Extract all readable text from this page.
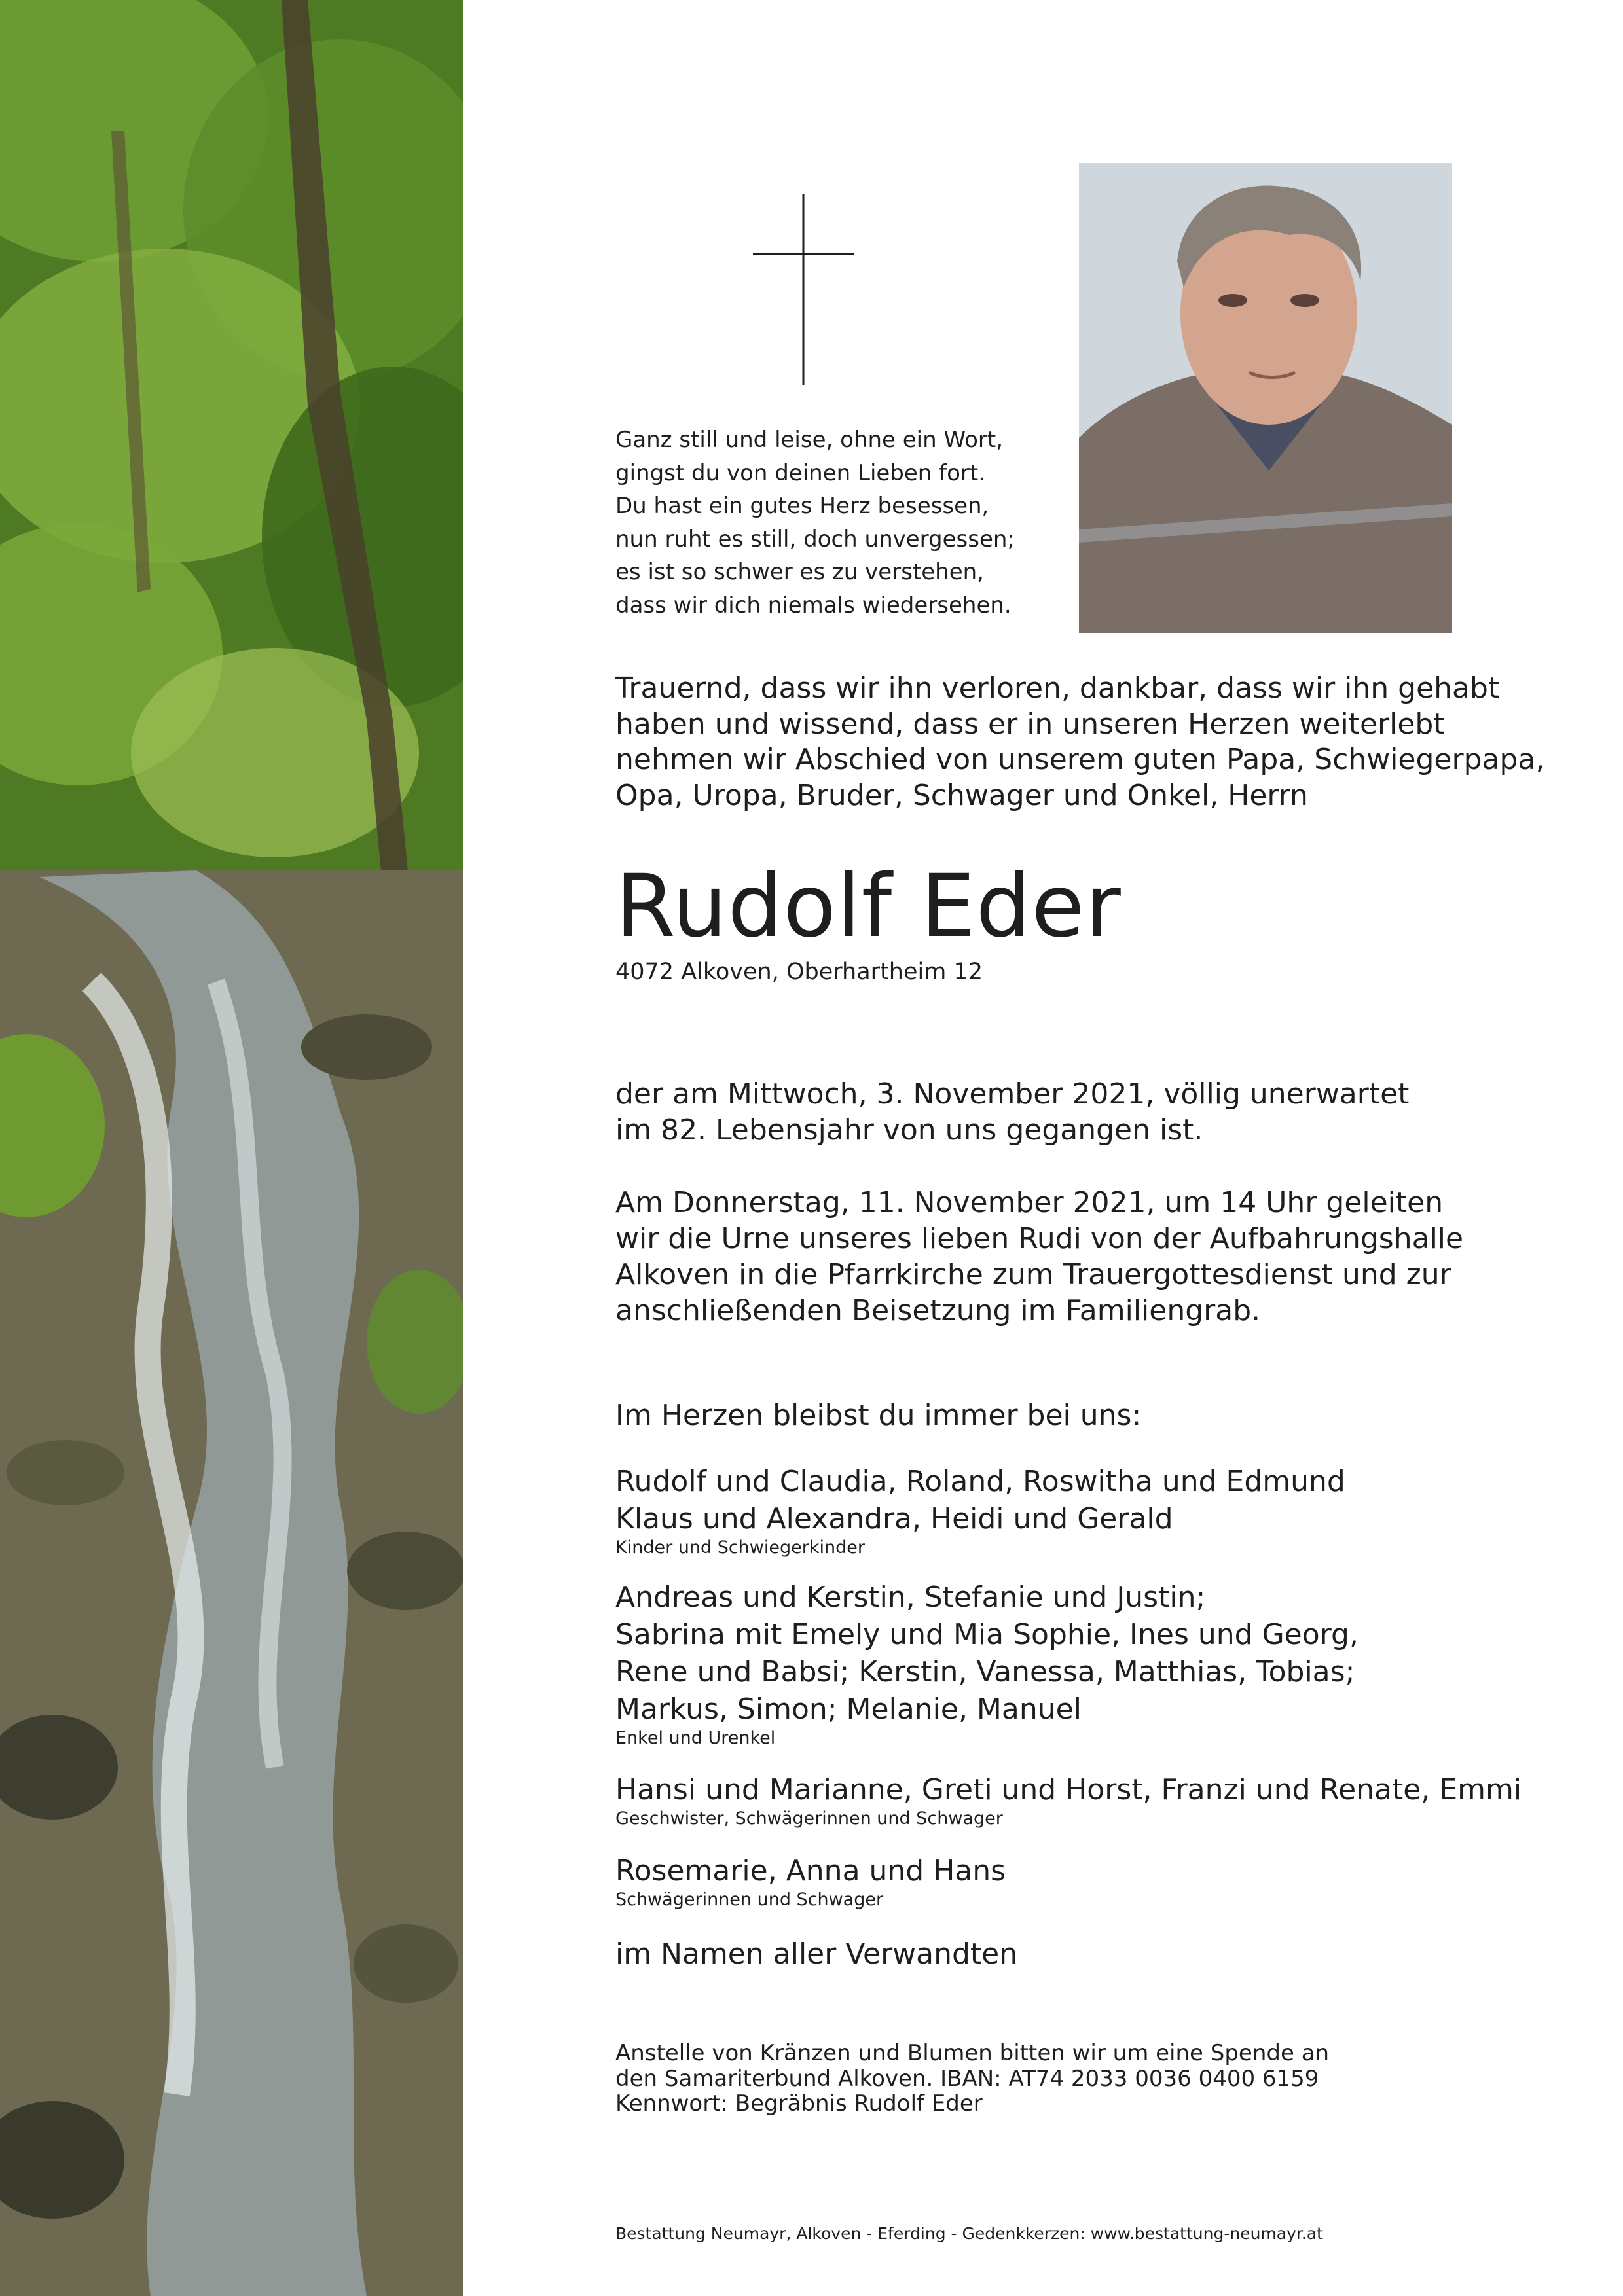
Ganz still und leise, ohne ein Wort,
gingst du von deinen Lieben fort.
Du hast ein gutes Herz besessen,
nun ruht es still, doch unvergessen;
es ist so schwer es zu verstehen,
dass wir dich niemals wiedersehen.
Trauernd, dass wir ihn verloren, dankbar, dass wir ihn gehabt
haben und wissend, dass er in unseren Herzen weiterlebt
nehmen wir Abschied von unserem guten Papa, Schwiegerpapa,
Opa, Uropa, Bruder, Schwager und Onkel, Herrn
Rudolf Eder
4072 Alkoven, Oberhartheim 12
der am Mittwoch, 3. November 2021, völlig unerwartet
im 82. Lebensjahr von uns gegangen ist.
Am Donnerstag, 11. November 2021, um 14 Uhr geleiten
wir die Urne unseres lieben Rudi von der Aufbahrungshalle
Alkoven in die Pfarrkirche zum Trauergottesdienst und zur
anschließenden Beisetzung im Familiengrab.
Im Herzen bleibst du immer bei uns:
Rudolf und Claudia, Roland, Roswitha und Edmund
Klaus und Alexandra, Heidi und Gerald
Kinder und Schwiegerkinder
Andreas und Kerstin, Stefanie und Justin;
Sabrina mit Emely und Mia Sophie, Ines und Georg,
Rene und Babsi; Kerstin, Vanessa, Matthias, Tobias;
Markus, Simon; Melanie, Manuel
Enkel und Urenkel
Hansi und Marianne, Greti und Horst, Franzi und Renate, Emmi
Geschwister, Schwägerinnen und Schwager
Rosemarie, Anna und Hans
Schwägerinnen und Schwager
im Namen aller Verwandten
Anstelle von Kränzen und Blumen bitten wir um eine Spende an
den Samariterbund Alkoven. IBAN: AT74 2033 0036 0400 6159
Kennwort: Begräbnis Rudolf Eder
Bestattung Neumayr, Alkoven - Eferding - Gedenkkerzen: www.bestattung-neumayr.at
